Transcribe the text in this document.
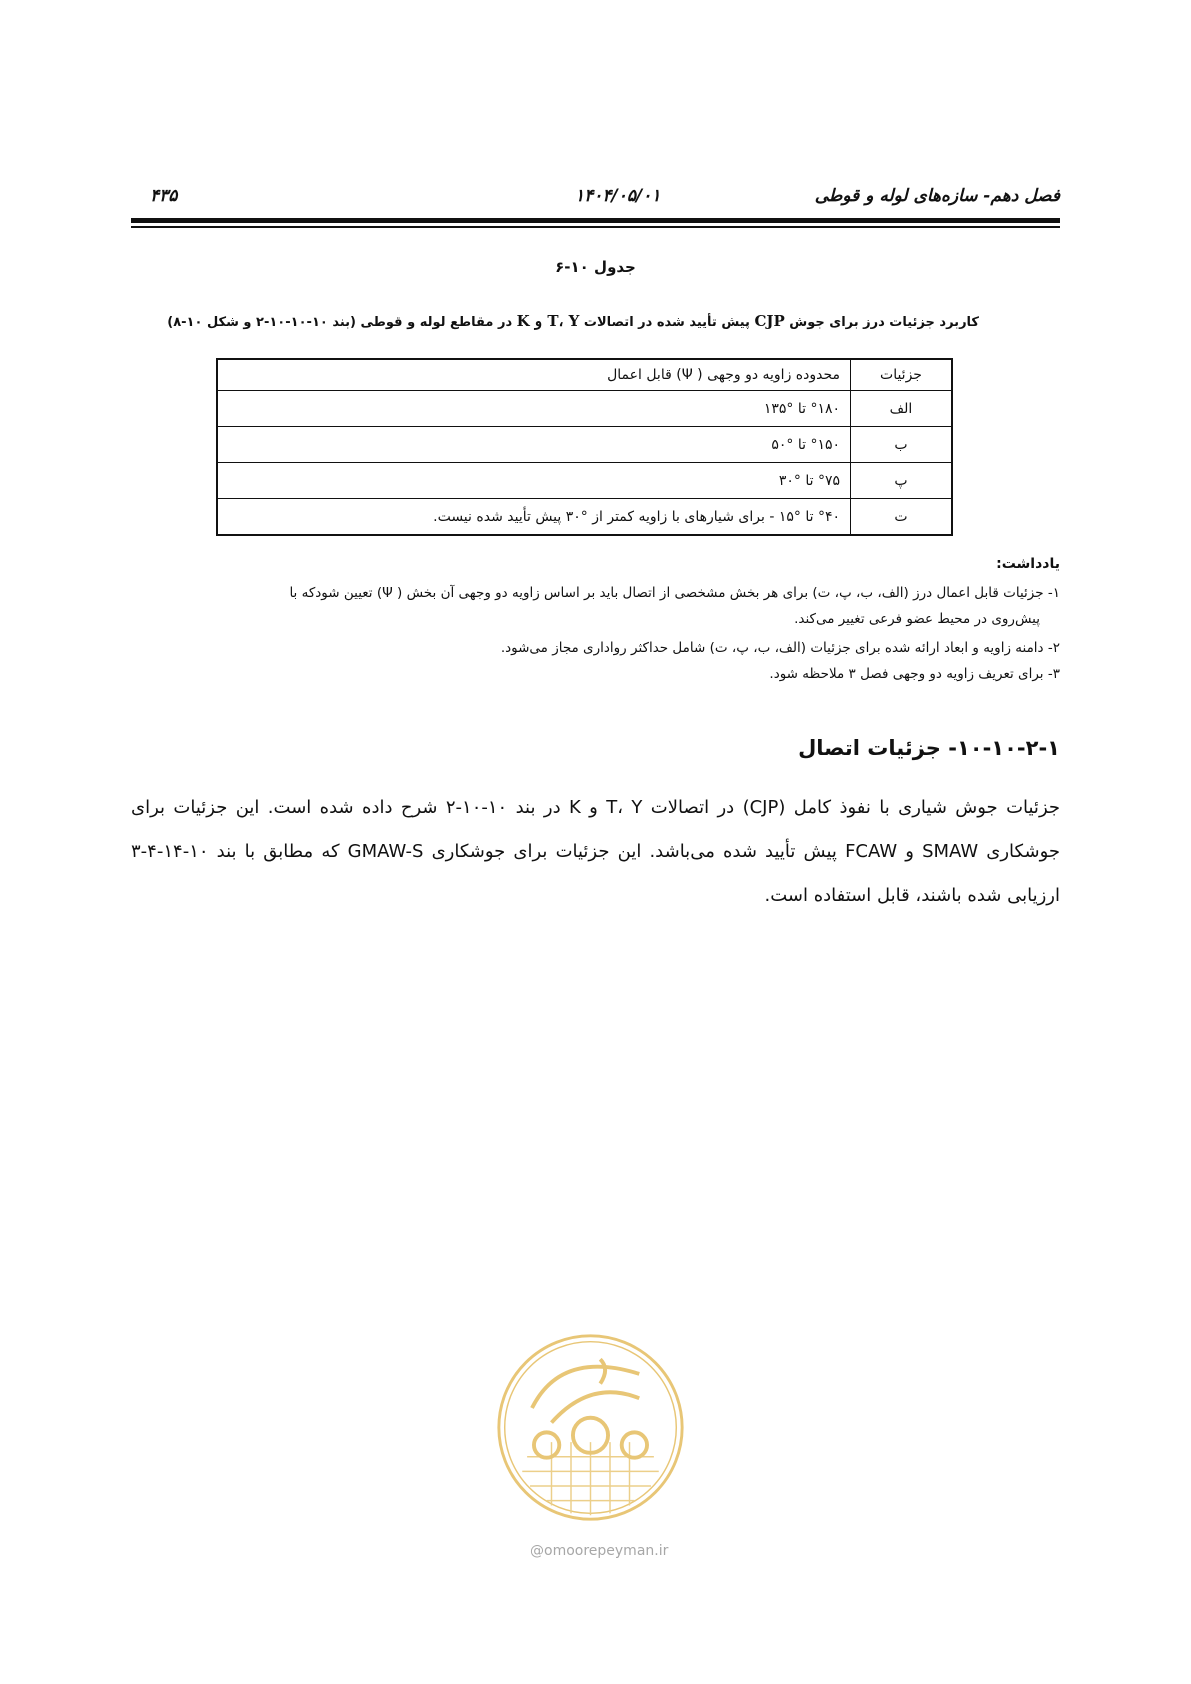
۴۳۵	۱۴۰۴/۰۵/۰۱	فصل دهم- سازه‌های لوله و قوطی
جدول ۱۰-۶
کاربرد جزئیات درز برای جوش CJP پیش تأیید شده در اتصالات T، Y و K در مقاطع لوله و قوطی (بند ۱۰-۱۰-۱۰-۲ و شکل ۱۰-۸)
جزئیات	محدوده زاویه دو وجهی ( Ψ) قابل اعمال
الف	°۱۸۰ تا °۱۳۵
ب	°۱۵۰ تا °۵۰
پ	°۷۵ تا °۳۰
ت	°۴۰ تا °۱۵ - برای شیارهای با زاویه کمتر از °۳۰ پیش تأیید شده نیست.
یادداشت:
۱- جزئیات قابل اعمال درز (الف، ب، پ، ت) برای هر بخش مشخصی از اتصال باید بر اساس زاویه دو وجهی آن بخش ( Ψ) تعیین شودکه با
پیش‌روی در محیط عضو فرعی تغییر می‌کند.
۲- دامنه زاویه و ابعاد ارائه شده برای جزئیات (الف، ب، پ، ت) شامل حداکثر رواداری مجاز می‌شود.
۳- برای تعریف زاویه دو وجهی فصل ۳ ملاحظه شود.
۱۰-۱۰-۲-۱- جزئیات اتصال
جزئیات جوش شیاری با نفوذ کامل (CJP) در اتصالات T، Y و K در بند ۱۰-۱۰-۲ شرح داده شده است. این جزئیات برای جوشکاری SMAW و FCAW پیش تأیید شده می‌باشد. این جزئیات برای جوشکاری GMAW-S که مطابق با بند ۱۰-۱۴-۴-۳ ارزیابی شده باشند، قابل استفاده است.
@omoorepeyman.ir
